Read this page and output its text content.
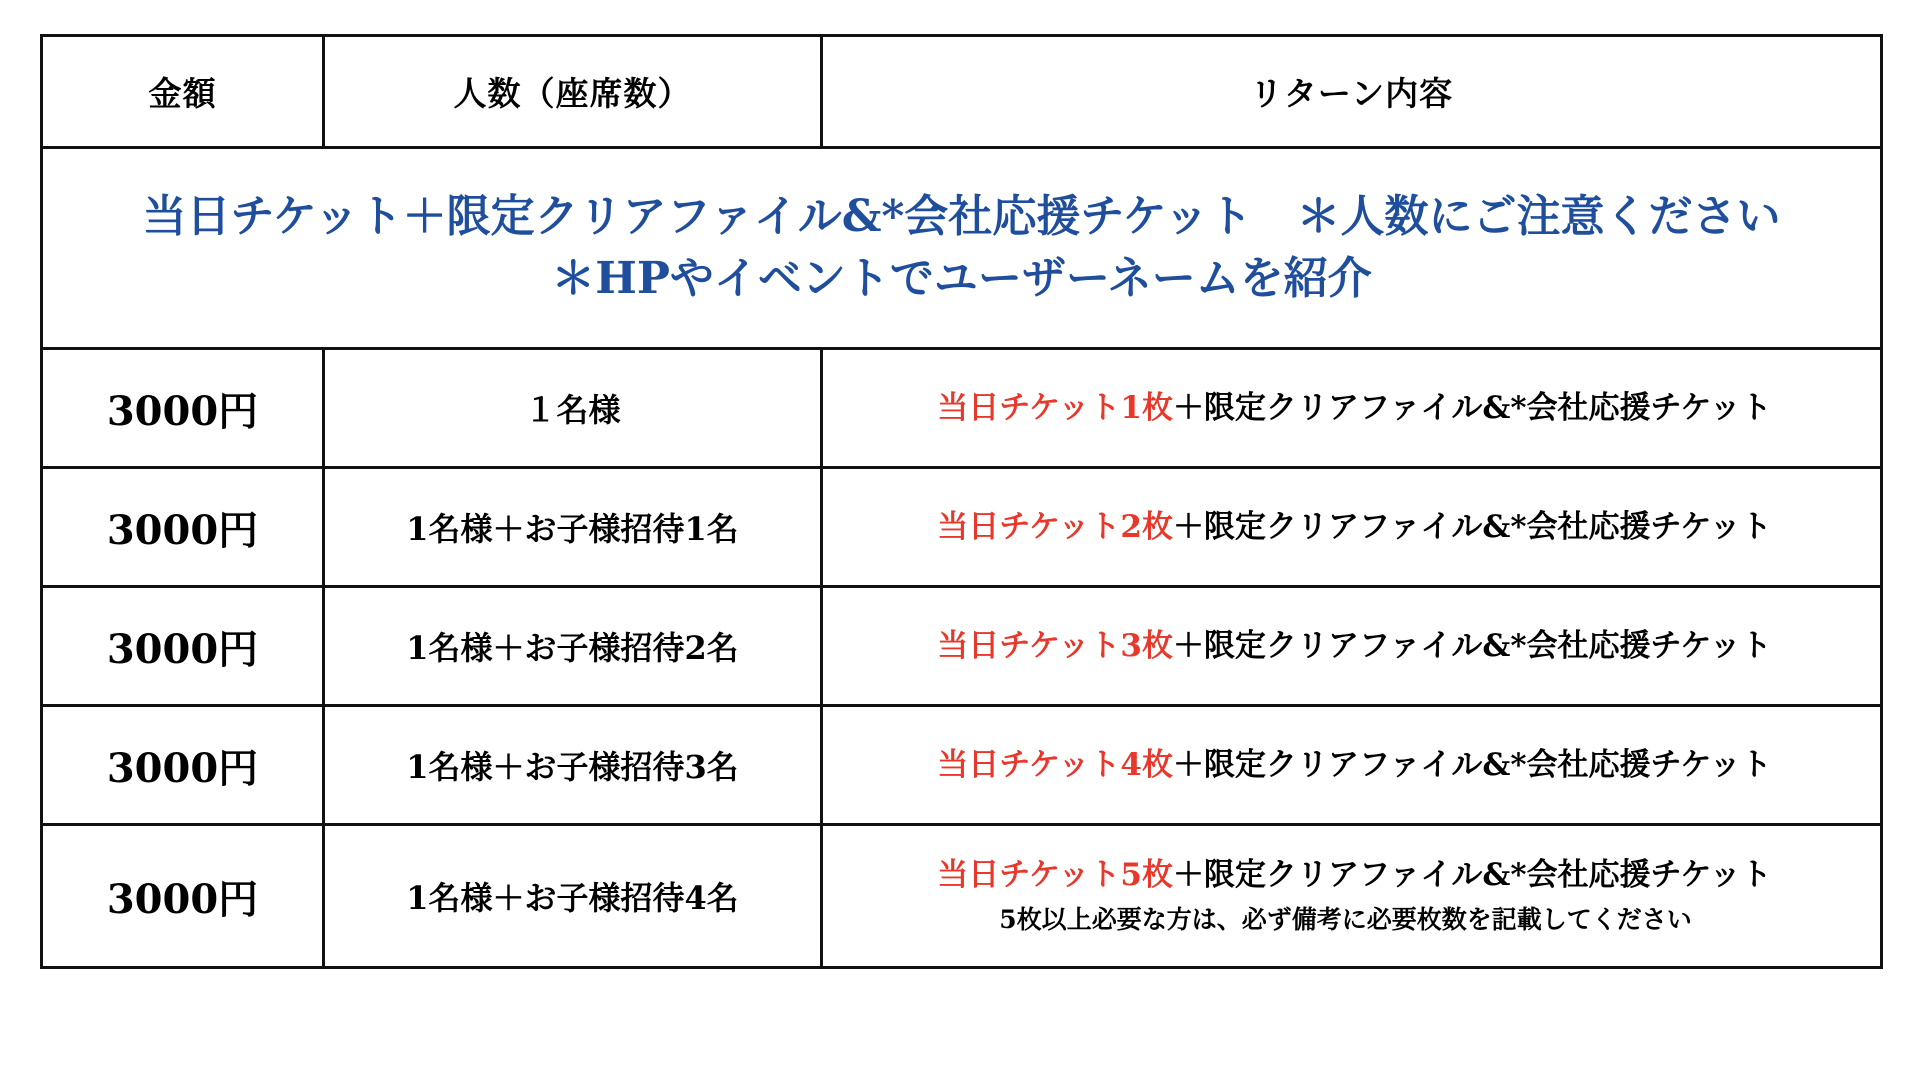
金額	人数（座席数）	リターン内容

当日チケット＋限定クリアファイル&*会社応援チケット　＊人数にご注意ください
＊HPやイベントでユーザーネームを紹介		

3000円	１名様	当日チケット1枚＋限定クリアファイル&*会社応援チケット

3000円	1名様＋お子様招待1名	当日チケット2枚＋限定クリアファイル&*会社応援チケット

3000円	1名様＋お子様招待2名	当日チケット3枚＋限定クリアファイル&*会社応援チケット

3000円	1名様＋お子様招待3名	当日チケット4枚＋限定クリアファイル&*会社応援チケット

3000円	1名様＋お子様招待4名	当日チケット5枚＋限定クリアファイル&*会社応援チケット
5枚以上必要な方は、必ず備考に必要枚数を記載してください
